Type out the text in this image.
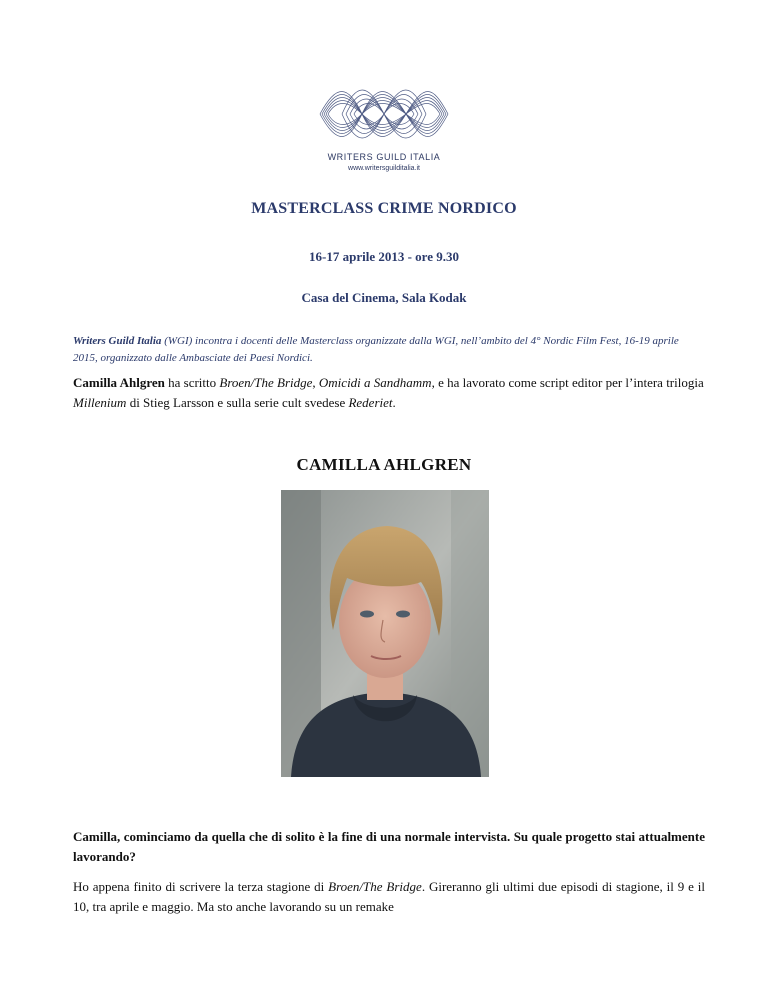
WRITERS GUILD ITALIA
www.writersguilditalia.it
MASTERCLASS CRIME NORDICO
16-17 aprile 2013 - ore 9.30
Casa del Cinema, Sala Kodak
Writers Guild Italia (WGI) incontra i docenti delle Masterclass organizzate dalla WGI, nell’ambito del 4° Nordic Film Fest, 16-19 aprile 2015, organizzato dalle Ambasciate dei Paesi Nordici.
Camilla Ahlgren ha scritto Broen/The Bridge, Omicidi a Sandhamm, e ha lavorato come script editor per l’intera trilogia Millenium di Stieg Larsson e sulla serie cult svedese Rederiet.
CAMILLA AHLGREN
Camilla, cominciamo da quella che di solito è la fine di una normale intervista. Su quale progetto stai attualmente lavorando?
Ho appena finito di scrivere la terza stagione di Broen/The Bridge. Gireranno gli ultimi due episodi di stagione, il 9 e il 10, tra aprile e maggio. Ma sto anche lavorando su un remake
